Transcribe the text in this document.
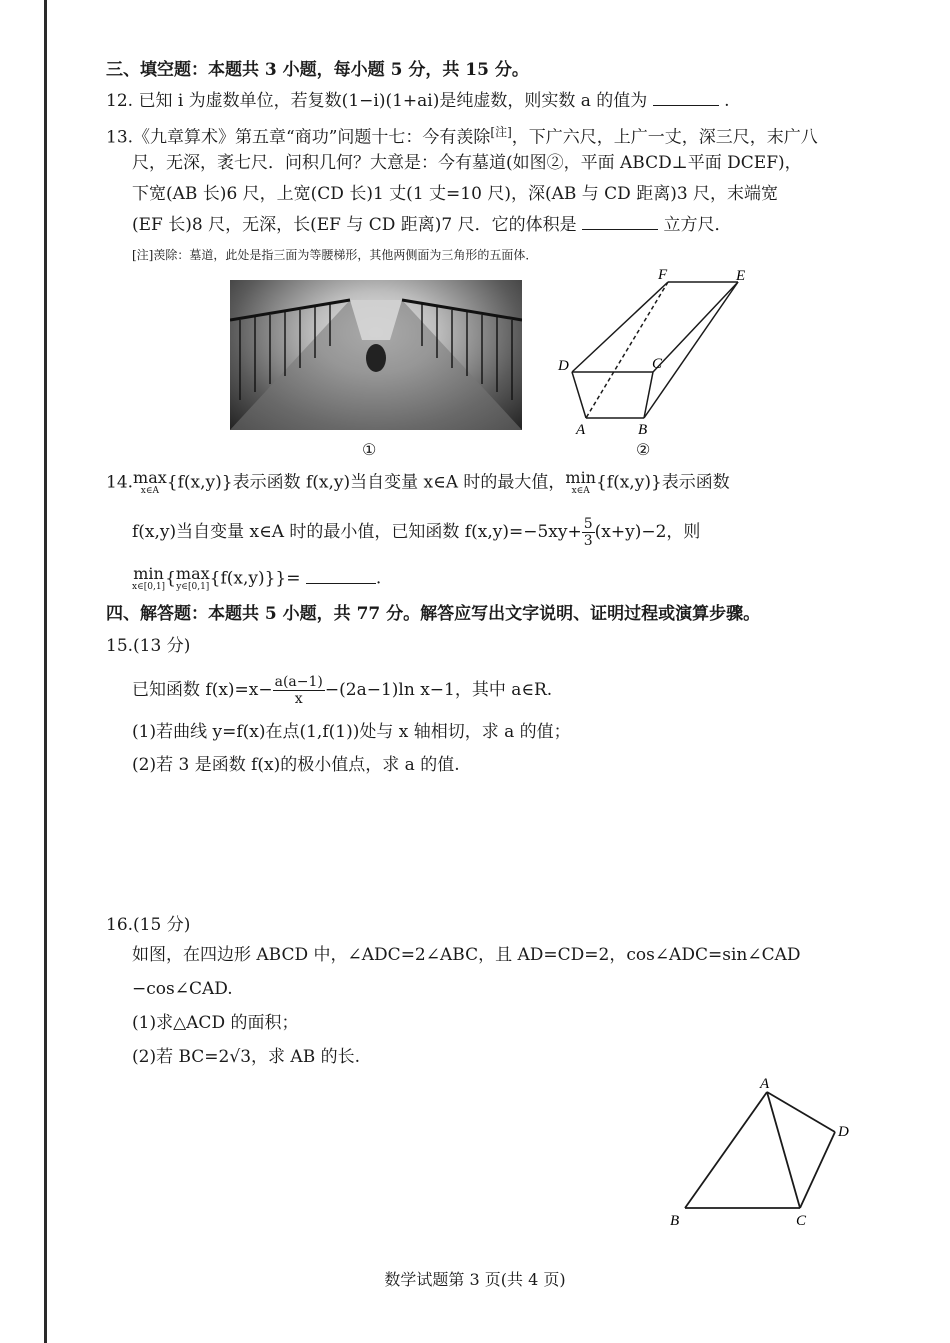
三、填空题：本题共 3 小题，每小题 5 分，共 15 分。
12. 已知 i 为虚数单位，若复数(1−i)(1+ai)是纯虚数，则实数 a 的值为	.
13.《九章算术》第五章“商功”问题十七：今有羡除[注]，下广六尺，上广一丈，深三尺，末广八
尺，无深，袤七尺．问积几何？大意是：今有墓道(如图②，平面 ABCD⊥平面 DCEF)，
下宽(AB 长)6 尺，上宽(CD 长)1 丈(1 丈=10 尺)，深(AB 与 CD 距离)3 尺，末端宽
(EF 长)8 尺，无深，长(EF 与 CD 距离)7 尺．它的体积是	立方尺．
[注]羡除：墓道，此处是指三面为等腰梯形，其他两侧面为三角形的五面体．
①
F	E
D	C
A	B
②
14. max
x∈A {f(x,y)}表示函数 f(x,y)当自变量 x∈A 时的最大值， min
x∈A {f(x,y)}表示函数
f(x,y)当自变量 x∈A 时的最小值，已知函数 $f(x,y)=-5xy+ \frac{5}{3} (x+y)-2$，则
min
x∈[0,1] { max
y∈[0,1] {f(x,y)}}=	.
四、解答题：本题共 5 小题，共 77 分。解答应写出文字说明、证明过程或演算步骤。
15.(13 分)
已知函数 $f(x)=x- \frac{a(a-1)}{x} -(2a-1)\ln$ x−1，其中 a∈R.
(1)若曲线 y=f(x)在点(1,f(1))处与 x 轴相切，求 a 的值；
(2)若 3 是函数 f(x)的极小值点，求 a 的值.
16.(15 分)
如图，在四边形 ABCD 中，∠ADC=2∠ABC，且 AD=CD=2，cos∠ADC=sin∠CAD
−cos∠CAD.
(1)求△ACD 的面积；
(2)若 BC=2√3，求 AB 的长.
A
D
B	C
数学试题第 3 页(共 4 页)
